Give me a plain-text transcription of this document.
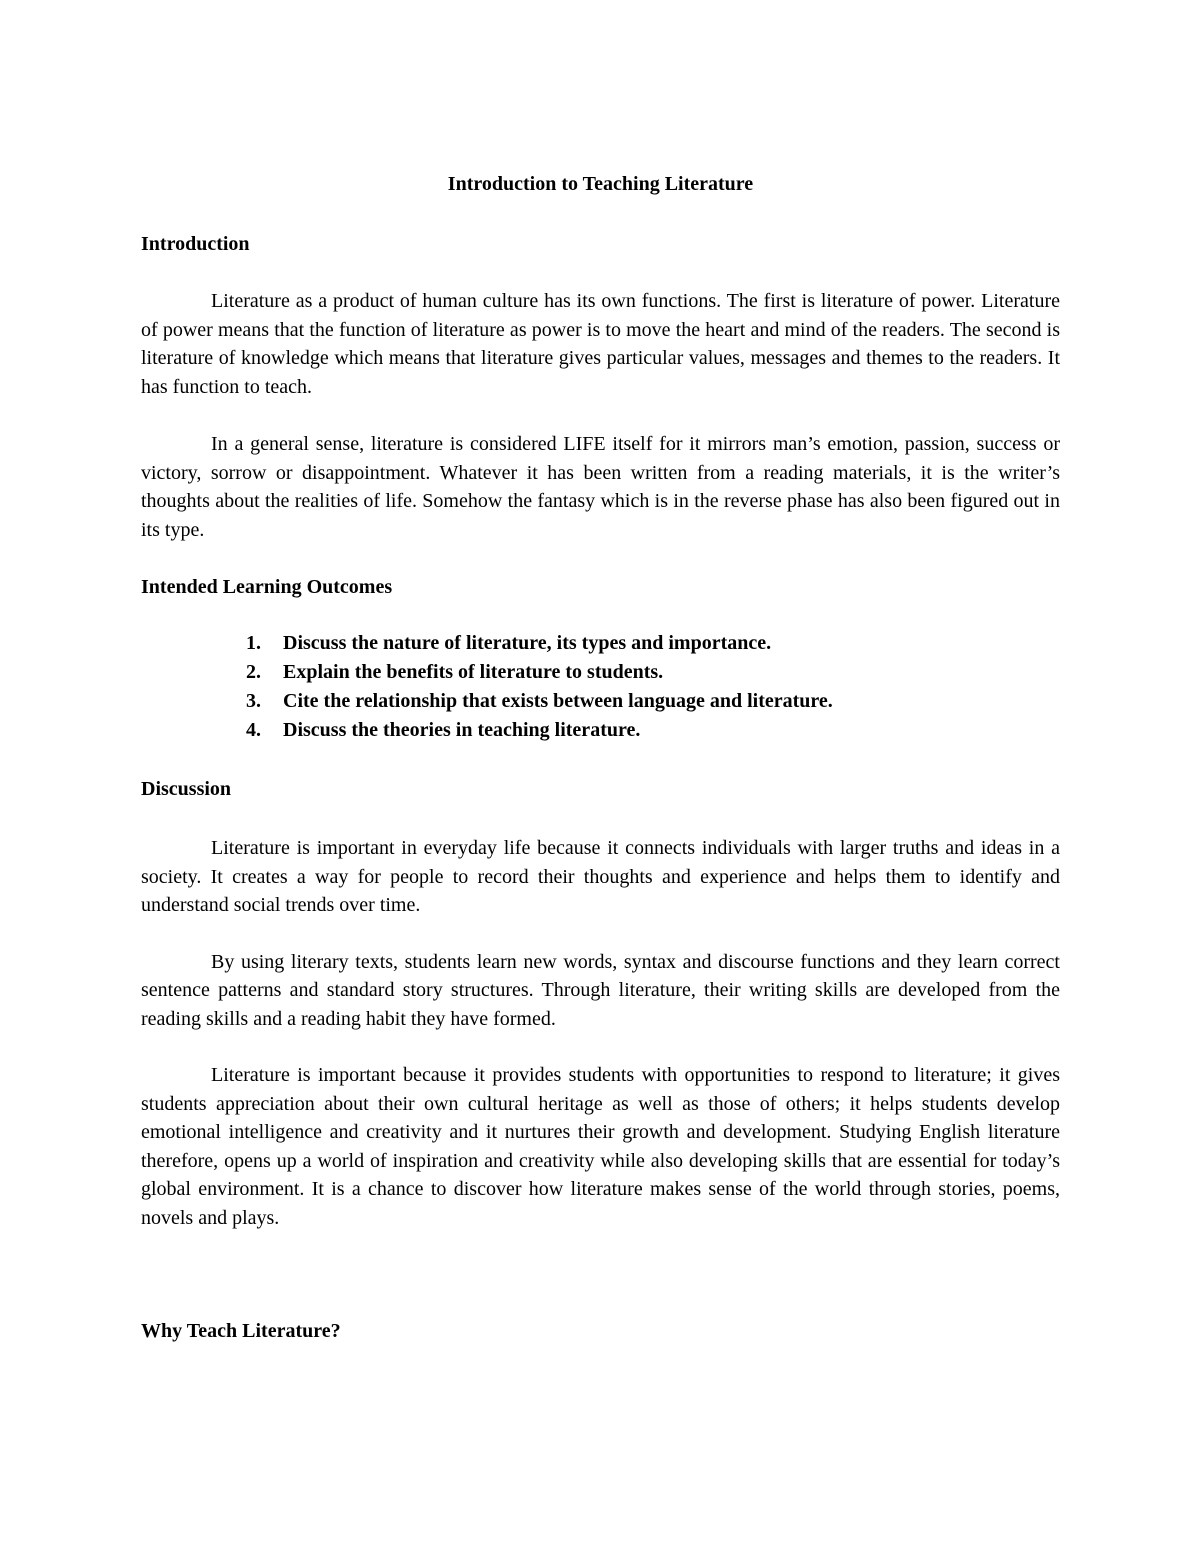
Introduction to Teaching Literature
Introduction

Literature as a product of human culture has its own functions. The first is literature of power. Literature of power means that the function of literature as power is to move the heart and mind of the readers. The second is literature of knowledge which means that literature gives particular values, messages and themes to the readers. It has function to teach.

In a general sense, literature is considered LIFE itself for it mirrors man’s emotion, passion, success or victory, sorrow or disappointment. Whatever it has been written from a reading materials, it is the writer’s thoughts about the realities of life. Somehow the fantasy which is in the reverse phase has also been figured out in its type.

Intended Learning Outcomes
1. Discuss the nature of literature, its types and importance.
2. Explain the benefits of literature to students.
3. Cite the relationship that exists between language and literature.
4. Discuss the theories in teaching literature.
Discussion

Literature is important in everyday life because it connects individuals with larger truths and ideas in a society. It creates a way for people to record their thoughts and experience and helps them to identify and understand social trends over time.

By using literary texts, students learn new words, syntax and discourse functions and they learn correct sentence patterns and standard story structures. Through literature, their writing skills are developed from the reading skills and a reading habit they have formed.

Literature is important because it provides students with opportunities to respond to literature; it gives students appreciation about their own cultural heritage as well as those of others; it helps students develop emotional intelligence and creativity and it nurtures their growth and development. Studying English literature therefore, opens up a world of inspiration and creativity while also developing skills that are essential for today’s global environment. It is a chance to discover how literature makes sense of the world through stories, poems, novels and plays.

Why Teach Literature?
